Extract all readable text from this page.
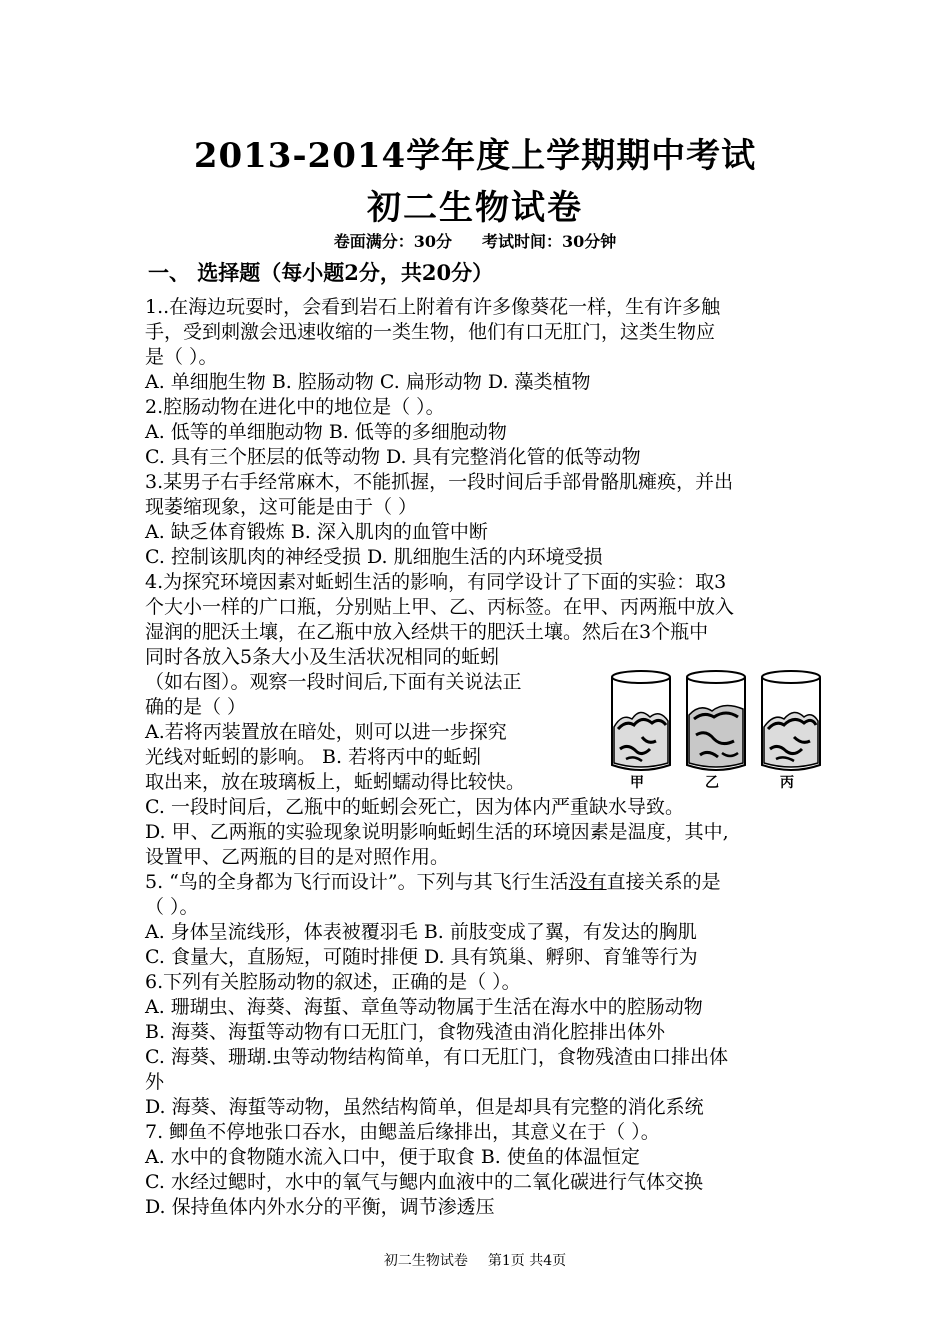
2013-2014学年度上学期期中考试
初二生物试卷
卷面满分：30分 考试时间：30分钟
一、 选择题（每小题2分，共20分）
1..在海边玩耍时，会看到岩石上附着有许多像葵花一样，生有许多触
手，受到刺激会迅速收缩的一类生物，他们有口无肛门，这类生物应
是（ ）。
A. 单细胞生物 B. 腔肠动物 C. 扁形动物 D. 藻类植物
2.腔肠动物在进化中的地位是（ ）。
A. 低等的单细胞动物 B. 低等的多细胞动物
C. 具有三个胚层的低等动物 D. 具有完整消化管的低等动物
3.某男子右手经常麻木，不能抓握，一段时间后手部骨骼肌瘫痪，并出
现萎缩现象，这可能是由于（ ）
A. 缺乏体育锻炼 B. 深入肌肉的血管中断
C. 控制该肌肉的神经受损 D. 肌细胞生活的内环境受损
4.为探究环境因素对蚯蚓生活的影响，有同学设计了下面的实验：取3
个大小一样的广口瓶，分别贴上甲、乙、丙标签。在甲、丙两瓶中放入
湿润的肥沃土壤，在乙瓶中放入经烘干的肥沃土壤。然后在3个瓶中
同时各放入5条大小及生活状况相同的蚯蚓
（如右图）。观察一段时间后,下面有关说法正
确的是（ ）
A.若将丙装置放在暗处，则可以进一步探究
光线对蚯蚓的影响。 B. 若将丙中的蚯蚓
取出来，放在玻璃板上，蚯蚓蠕动得比较快。
C. 一段时间后，乙瓶中的蚯蚓会死亡，因为体内严重缺水导致。
D. 甲、乙两瓶的实验现象说明影响蚯蚓生活的环境因素是温度，其中,
设置甲、乙两瓶的目的是对照作用。
5. “鸟的全身都为飞行而设计”。下列与其飞行生活没有直接关系的是
（ ）。
A. 身体呈流线形，体表被覆羽毛 B. 前肢变成了翼，有发达的胸肌
C. 食量大，直肠短，可随时排便 D. 具有筑巢、孵卵、育雏等行为
6.下列有关腔肠动物的叙述，正确的是（ ）。
A. 珊瑚虫、海葵、海蜇、章鱼等动物属于生活在海水中的腔肠动物
B. 海葵、海蜇等动物有口无肛门，食物残渣由消化腔排出体外
C. 海葵、珊瑚.虫等动物结构简单，有口无肛门，食物残渣由口排出体
外
D. 海葵、海蜇等动物，虽然结构简单，但是却具有完整的消化系统
7. 鲫鱼不停地张口吞水，由鳃盖后缘排出，其意义在于（ ）。
A. 水中的食物随水流入口中，便于取食 B. 使鱼的体温恒定
C. 水经过鳃时，水中的氧气与鳃内血液中的二氧化碳进行气体交换
D. 保持鱼体内外水分的平衡，调节渗透压
甲	乙	丙
初二生物试卷 第1页 共4页
